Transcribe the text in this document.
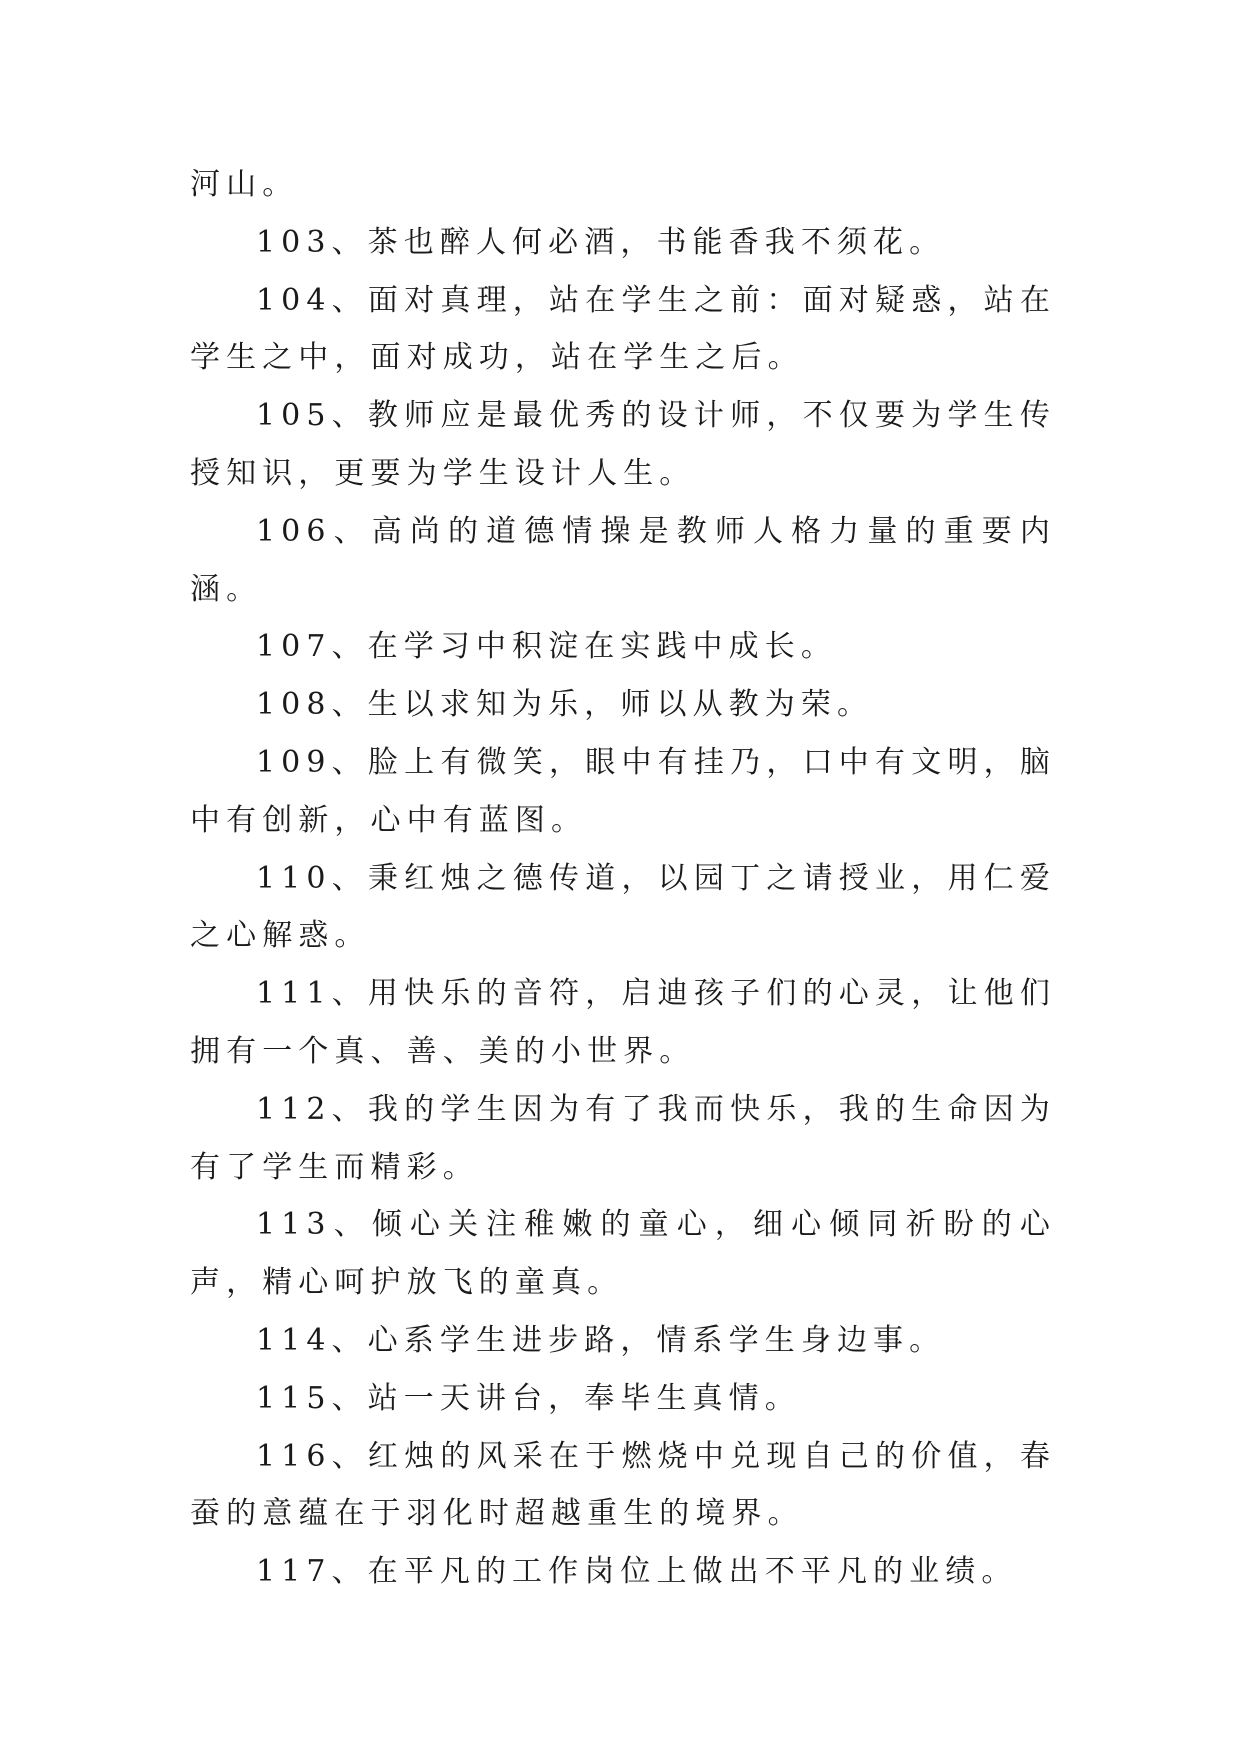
河山。

103、茶也醉人何必酒，书能香我不须花。

104、面对真理，站在学生之前：面对疑惑，站在学生之中，面对成功，站在学生之后。

105、教师应是最优秀的设计师，不仅要为学生传授知识，更要为学生设计人生。

106、高尚的道德情操是教师人格力量的重要内涵。

107、在学习中积淀在实践中成长。

108、生以求知为乐，师以从教为荣。

109、脸上有微笑，眼中有挂乃，口中有文明，脑中有创新，心中有蓝图。

110、秉红烛之德传道，以园丁之请授业，用仁爱之心解惑。

111、用快乐的音符，启迪孩子们的心灵，让他们拥有一个真、善、美的小世界。

112、我的学生因为有了我而快乐，我的生命因为有了学生而精彩。

113、倾心关注稚嫩的童心，细心倾同祈盼的心声，精心呵护放飞的童真。

114、心系学生进步路，情系学生身边事。

115、站一天讲台，奉毕生真情。

116、红烛的风采在于燃烧中兑现自己的价值，春蚕的意蕴在于羽化时超越重生的境界。

117、在平凡的工作岗位上做出不平凡的业绩。
